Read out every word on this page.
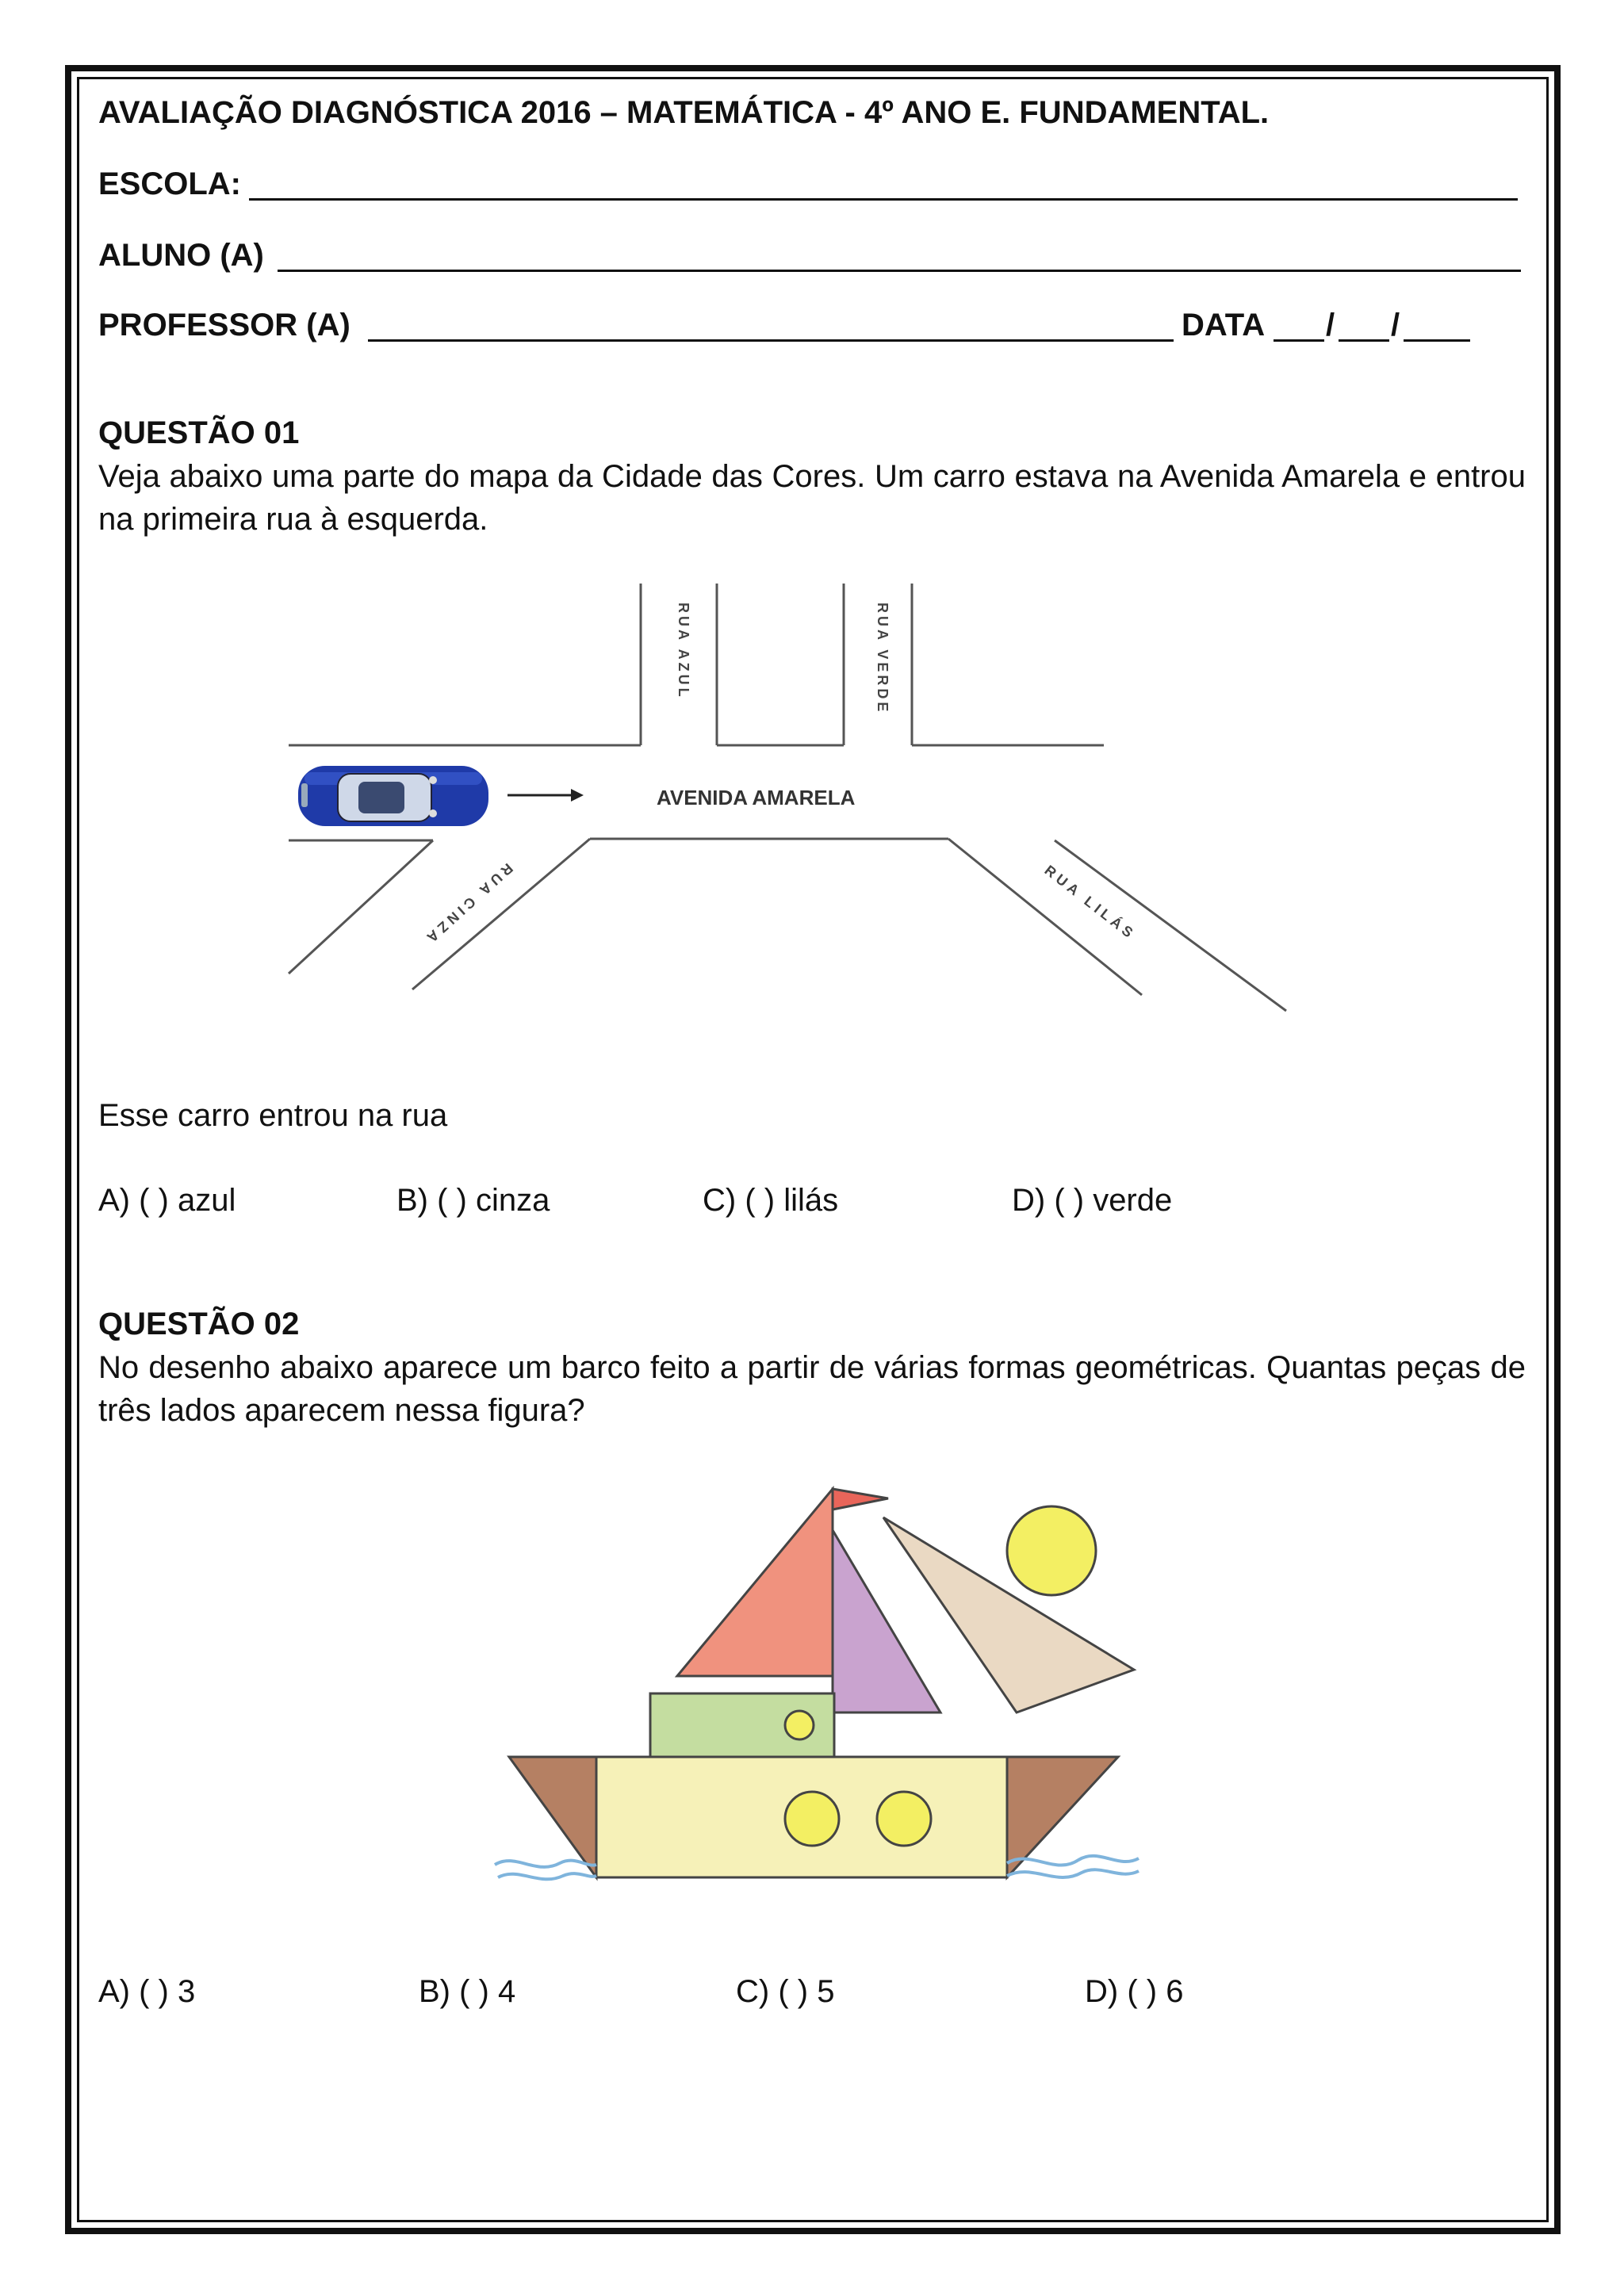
AVALIAÇÃO DIAGNÓSTICA 2016 – MATEMÁTICA - 4º ANO E. FUNDAMENTAL.
ESCOLA:
ALUNO (A)
PROFESSOR (A)	DATA / /
QUESTÃO 01
Veja abaixo uma parte do mapa da Cidade das Cores. Um carro estava na Avenida Amarela e entrou na primeira rua à esquerda.
AVENIDA AMARELA
RUA AZUL	RUA VERDE
RUA CINZA	RUA LILÁS
Esse carro entrou na rua
A) ( ) azul	B) ( ) cinza	C) ( ) lilás	D) ( ) verde
QUESTÃO 02
No desenho abaixo aparece um barco feito a partir de várias formas geométricas. Quantas peças de três lados aparecem nessa figura?
A) ( ) 3	B) ( ) 4	C) ( ) 5	D) ( ) 6
